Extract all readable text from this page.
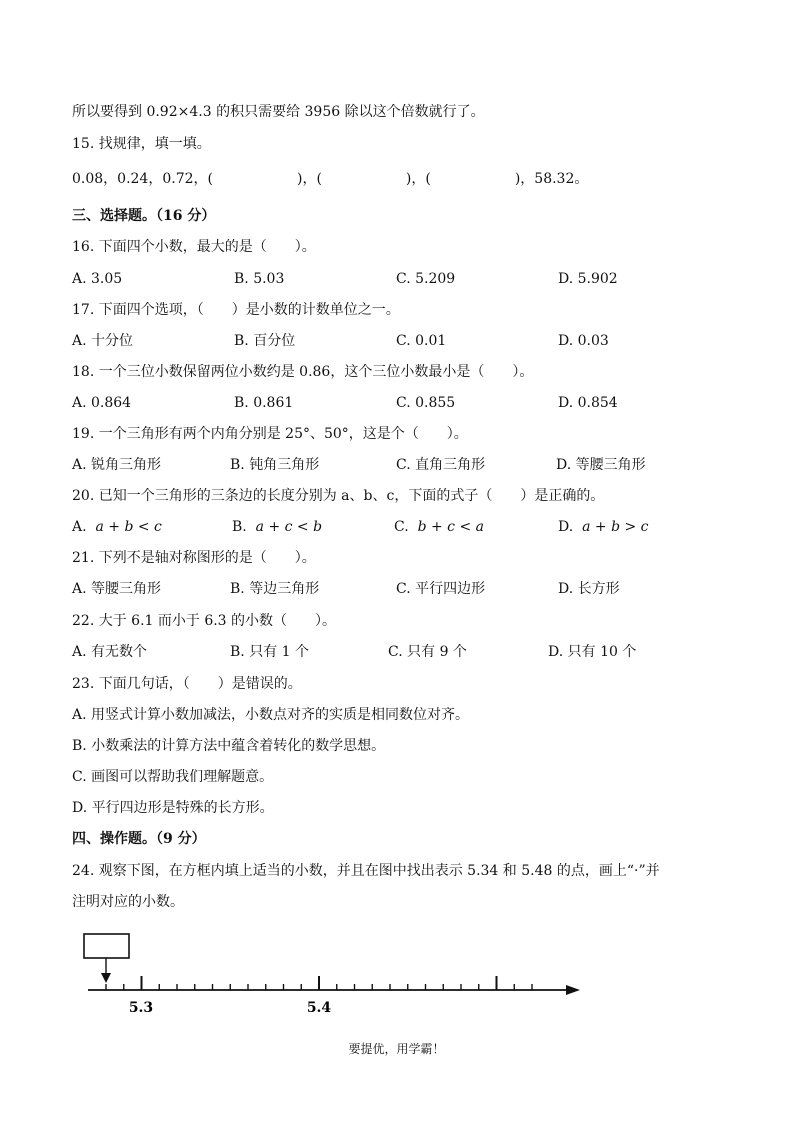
所以要得到 0.92×4.3 的积只需要给 3956 除以这个倍数就行了。
15. 找规律，填一填。
0.08，0.24，0.72，(　　　　　　)，(　　　　　　)，(　　　　　　)，58.32。
三、选择题。（16 分）
16. 下面四个小数，最大的是（　　）。
A. 3.05	B. 5.03	C. 5.209	D. 5.902
17. 下面四个选项，（　　）是小数的计数单位之一。
A. 十分位	B. 百分位	C. 0.01	D. 0.03
18. 一个三位小数保留两位小数约是 0.86，这个三位小数最小是（　　）。
A. 0.864	B. 0.861	C. 0.855	D. 0.854
19. 一个三角形有两个内角分别是 25°、50°，这是个（　　）。
A. 锐角三角形	B. 钝角三角形	C. 直角三角形	D. 等腰三角形
20. 已知一个三角形的三条边的长度分别为 a、b、c，下面的式子（　　）是正确的。
A. a + b < c	B. a + c < b	C. b + c < a	D. a + b > c
21. 下列不是轴对称图形的是（　　）。
A. 等腰三角形	B. 等边三角形	C. 平行四边形	D. 长方形
22. 大于 6.1 而小于 6.3 的小数（　　）。
A. 有无数个	B. 只有 1 个	C. 只有 9 个	D. 只有 10 个
23. 下面几句话，（　　）是错误的。
A. 用竖式计算小数加减法，小数点对齐的实质是相同数位对齐。
B. 小数乘法的计算方法中蕴含着转化的数学思想。
C. 画图可以帮助我们理解题意。
D. 平行四边形是特殊的长方形。
四、操作题。（9 分）
24. 观察下图，在方框内填上适当的小数，并且在图中找出表示 5.34 和 5.48 的点，画上“·”并
注明对应的小数。
5.3	5.4
要提优，用学霸！
